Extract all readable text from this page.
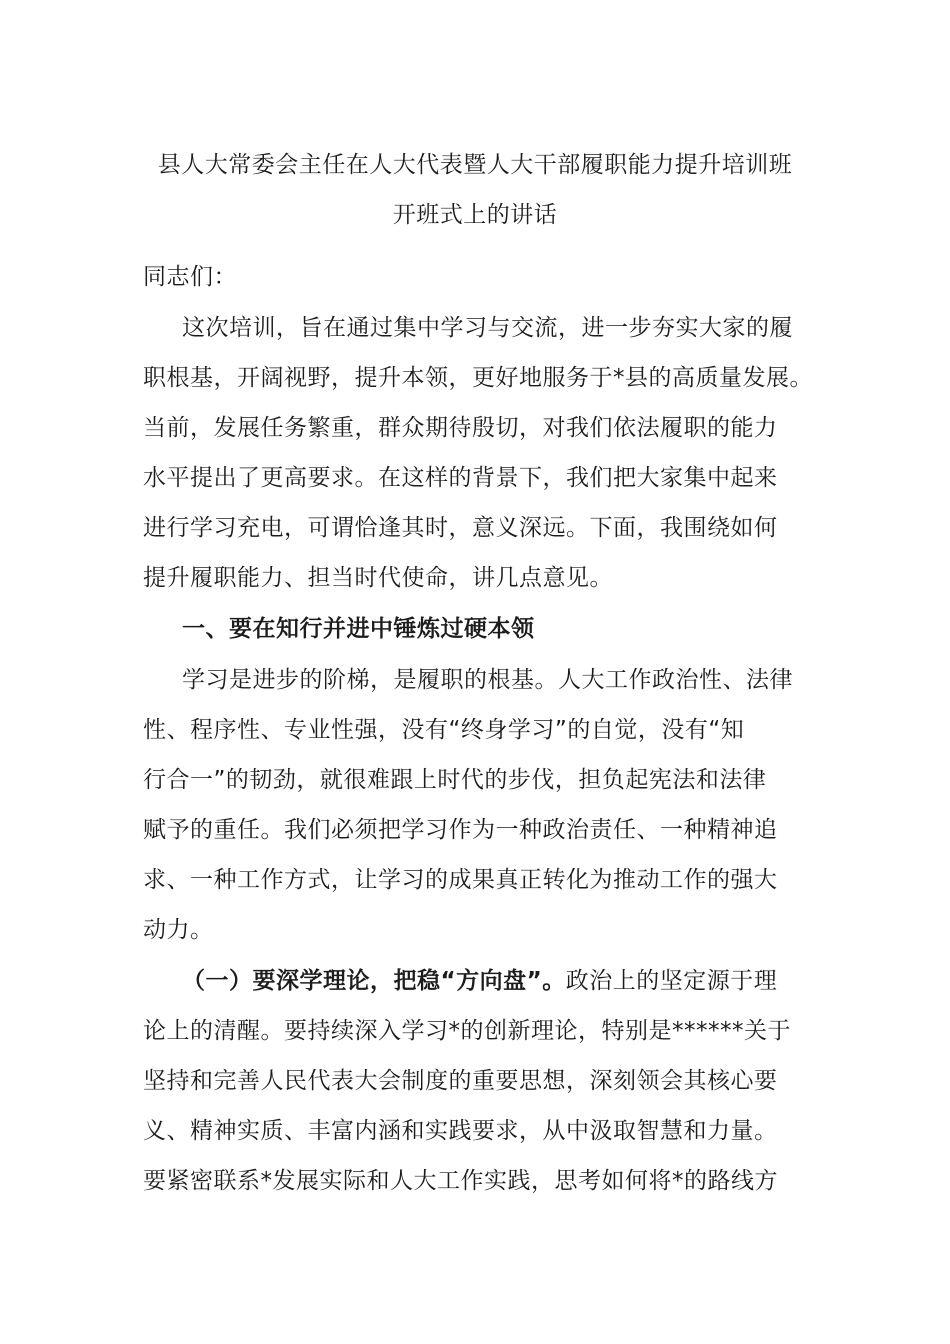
县人大常委会主任在人大代表暨人大干部履职能力提升培训班
开班式上的讲话
同志们：
这次培训，旨在通过集中学习与交流，进一步夯实大家的履
职根基，开阔视野，提升本领，更好地服务于*县的高质量发展。
当前，发展任务繁重，群众期待殷切，对我们依法履职的能力
水平提出了更高要求。在这样的背景下，我们把大家集中起来
进行学习充电，可谓恰逢其时，意义深远。下面，我围绕如何
提升履职能力、担当时代使命，讲几点意见。
一、要在知行并进中锤炼过硬本领
学习是进步的阶梯，是履职的根基。人大工作政治性、法律
性、程序性、专业性强，没有“终身学习”的自觉，没有“知
行合一”的韧劲，就很难跟上时代的步伐，担负起宪法和法律
赋予的重任。我们必须把学习作为一种政治责任、一种精神追
求、一种工作方式，让学习的成果真正转化为推动工作的强大
动力。
（一）要深学理论，把稳“方向盘”。政治上的坚定源于理
论上的清醒。要持续深入学习*的创新理论，特别是******关于
坚持和完善人民代表大会制度的重要思想，深刻领会其核心要
义、精神实质、丰富内涵和实践要求，从中汲取智慧和力量。
要紧密联系*发展实际和人大工作实践，思考如何将*的路线方
